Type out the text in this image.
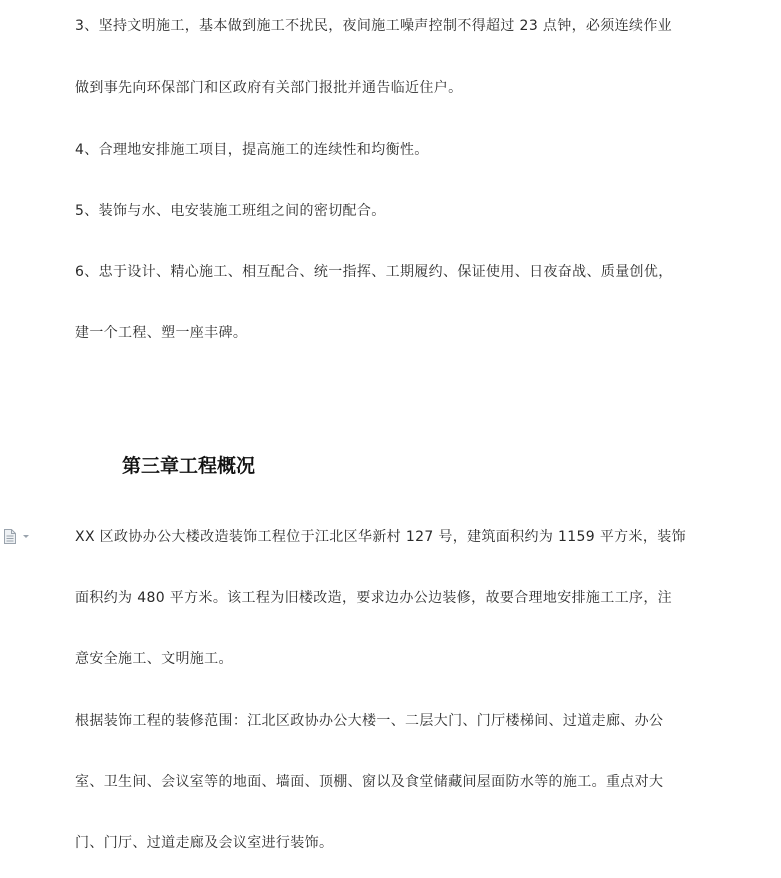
3、坚持文明施工，基本做到施工不扰民，夜间施工噪声控制不得超过 23 点钟，必须连续作业
做到事先向环保部门和区政府有关部门报批并通告临近住户。
4、合理地安排施工项目，提高施工的连续性和均衡性。
5、装饰与水、电安装施工班组之间的密切配合。
6、忠于设计、精心施工、相互配合、统一指挥、工期履约、保证使用、日夜奋战、质量创优，
建一个工程、塑一座丰碑。
第三章工程概况
XX 区政协办公大楼改造装饰工程位于江北区华新村 127 号，建筑面积约为 1159 平方米，装饰
面积约为 480 平方米。该工程为旧楼改造，要求边办公边装修，故要合理地安排施工工序，注
意安全施工、文明施工。
根据装饰工程的装修范围：江北区政协办公大楼一、二层大门、门厅楼梯间、过道走廊、办公
室、卫生间、会议室等的地面、墙面、顶棚、窗以及食堂储藏间屋面防水等的施工。重点对大
门、门厅、过道走廊及会议室进行装饰。
